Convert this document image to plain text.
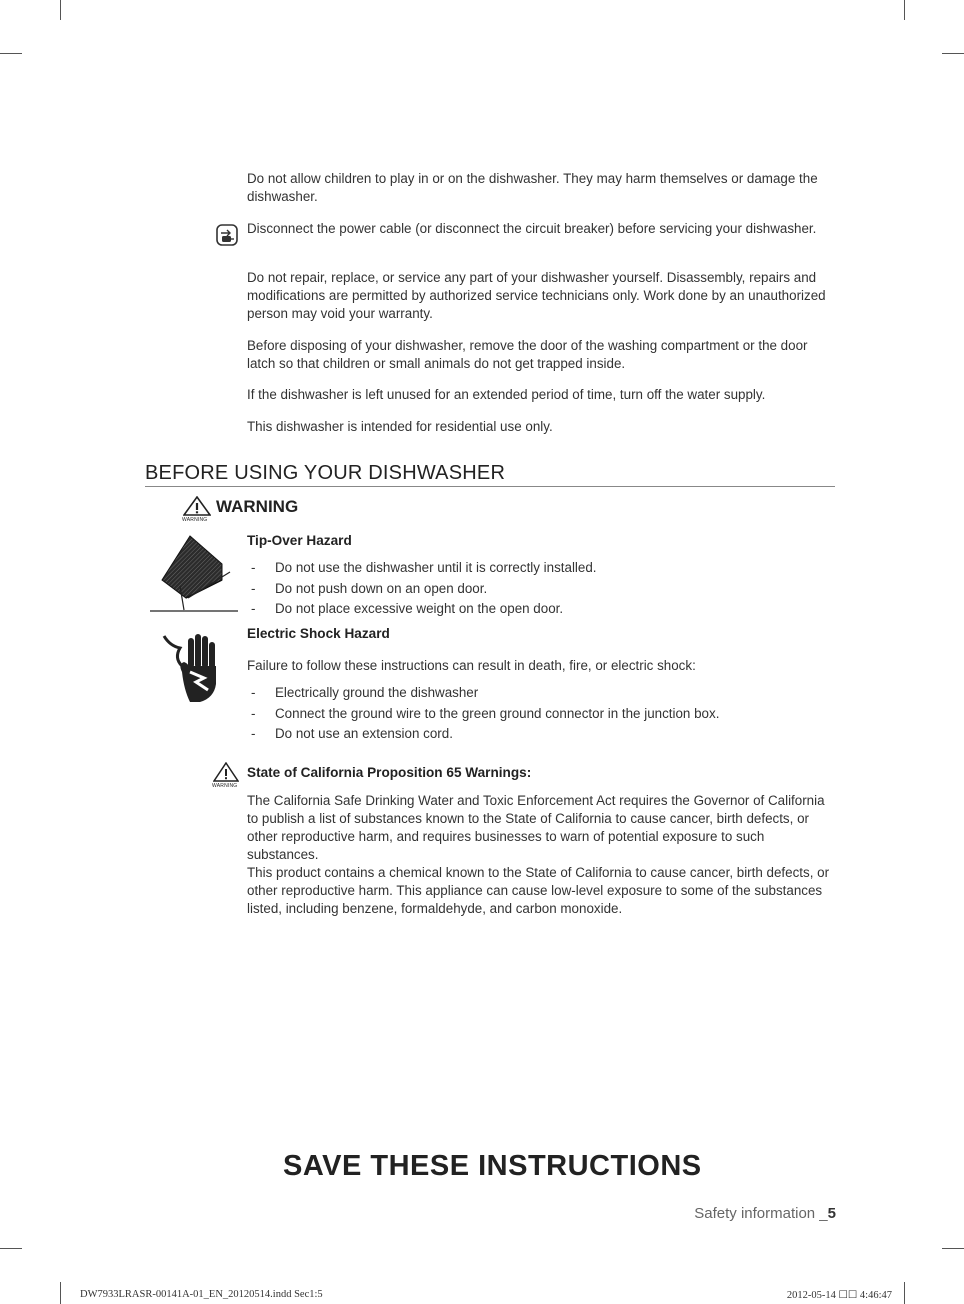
Do not allow children to play in or on the dishwasher. They may harm themselves or damage the dishwasher.
Disconnect the power cable (or disconnect the circuit breaker) before servicing your dishwasher.
Do not repair, replace, or service any part of your dishwasher yourself. Disassembly, repairs and modifications are permitted by authorized service technicians only. Work done by an unauthorized person may void your warranty.
Before disposing of your dishwasher, remove the door of the washing compartment or the door latch so that children or small animals do not get trapped inside.
If the dishwasher is left unused for an extended period of time, turn off the water supply.
This dishwasher is intended for residential use only.
BEFORE USING YOUR DISHWASHER
WARNING
WARNING
Tip-Over Hazard
- Do not use the dishwasher until it is correctly installed.
- Do not push down on an open door.
- Do not place excessive weight on the open door.
Electric Shock Hazard
Failure to follow these instructions can result in death, fire, or electric shock:
- Electrically ground the dishwasher
- Connect the ground wire to the green ground connector in the junction box.
- Do not use an extension cord.
WARNING
State of California Proposition 65 Warnings:
The California Safe Drinking Water and Toxic Enforcement Act requires the Governor of California to publish a list of substances known to the State of California to cause cancer, birth defects, or other reproductive harm, and requires businesses to warn of potential exposure to such substances.
This product contains a chemical known to the State of California to cause cancer, birth defects, or other reproductive harm. This appliance can cause low-level exposure to some of the substances listed, including benzene, formaldehyde, and carbon monoxide.
SAVE THESE INSTRUCTIONS
Safety information _5
DW7933LRASR-00141A-01_EN_20120514.indd Sec1:5	2012-05-14 ☐☐ 4:46:47
